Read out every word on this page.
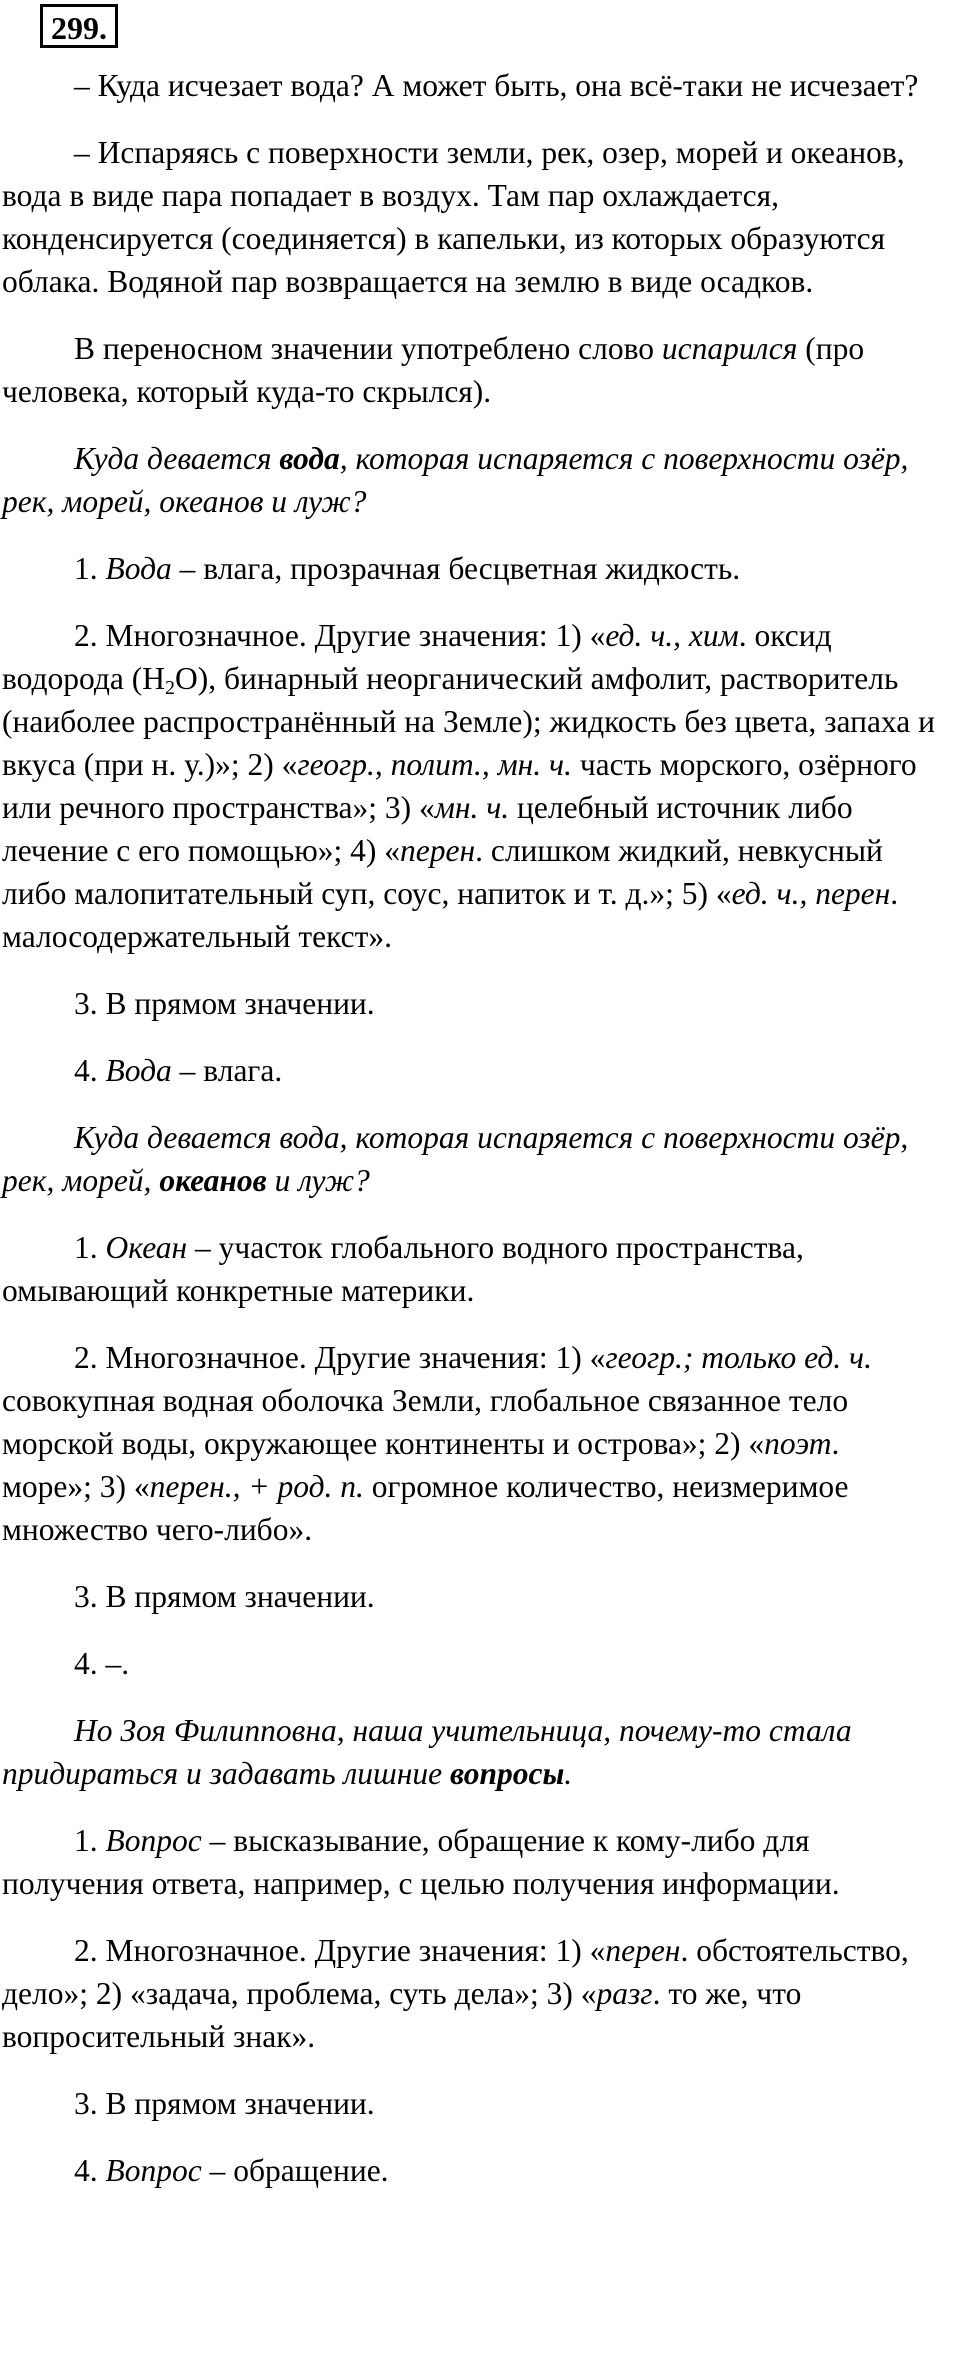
299.

– Куда исчезает вода? А может быть, она всё-таки не исчезает?

– Испаряясь с поверхности земли, рек, озер, морей и океанов, вода в виде пара попадает в воздух. Там пар охлаждается, конденсируется (соединяется) в капельки, из которых образуются облака. Водяной пар возвращается на землю в виде осадков.

В переносном значении употреблено слово испарился (про человека, который куда-то скрылся).

Куда девается вода, которая испаряется с поверхности озёр, рек, морей, океанов и луж?

1. Вода – влага, прозрачная бесцветная жидкость.

2. Многозначное. Другие значения: 1) «ед. ч., хим. оксид водорода $(H_2O)$, бинарный неорганический амфолит, растворитель (наиболее распространённый на Земле); жидкость без цвета, запаха и вкуса (при н. у.)»; 2) «геогр., полит., мн. ч. часть морского, озёрного или речного пространства»; 3) «мн. ч. целебный источник либо лечение с его помощью»; 4) «перен. слишком жидкий, невкусный либо малопитательный суп, соус, напиток и т. д.»; 5) «ед. ч., перен. малосодержательный текст».

3. В прямом значении.

4. Вода – влага.

Куда девается вода, которая испаряется с поверхности озёр, рек, морей, океанов и луж?

1. Океан – участок глобального водного пространства, омывающий конкретные материки.

2. Многозначное. Другие значения: 1) «геогр.; только ед. ч. совокупная водная оболочка Земли, глобальное связанное тело морской воды, окружающее континенты и острова»; 2) «поэт. море»; 3) «перен., + род. п. огромное количество, неизмеримое множество чего-либо».

3. В прямом значении.

4. –.

Но Зоя Филипповна, наша учительница, почему-то стала придираться и задавать лишние вопросы.

1. Вопрос – высказывание, обращение к кому-либо для получения ответа, например, с целью получения информации.

2. Многозначное. Другие значения: 1) «перен. обстоятельство, дело»; 2) «задача, проблема, суть дела»; 3) «разг. то же, что вопросительный знак».

3. В прямом значении.

4. Вопрос – обращение.
